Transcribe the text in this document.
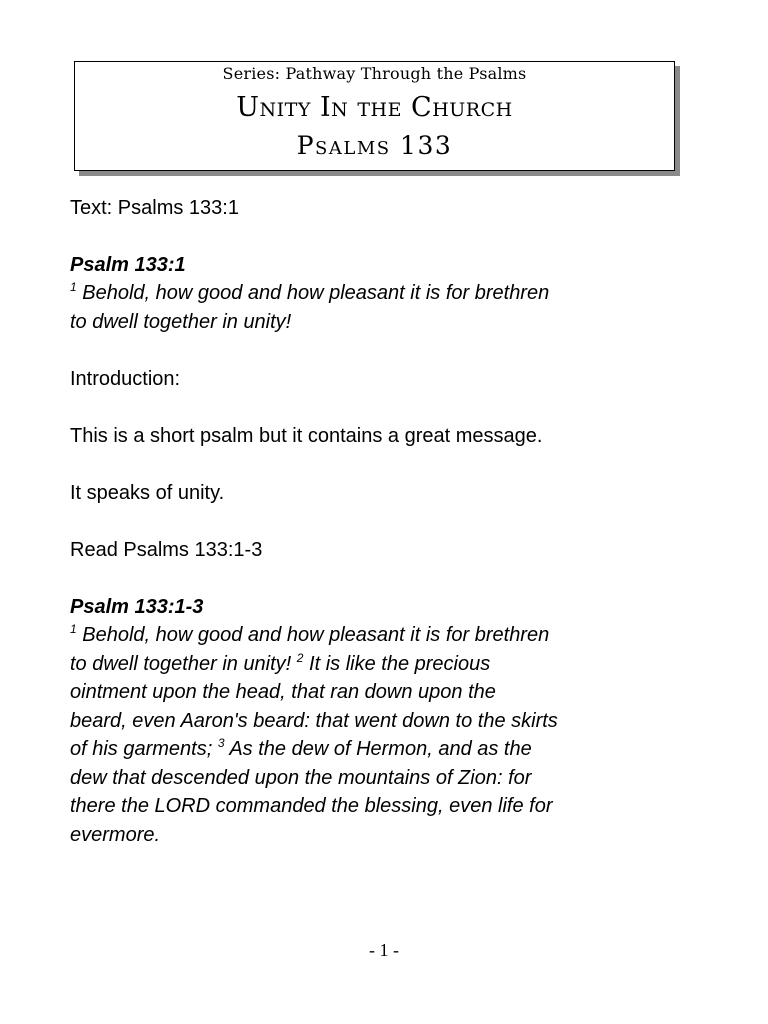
Series: Pathway Through the Psalms
Unity In the Church
Psalms 133
Text: Psalms 133:1
Psalm 133:1
$^1$ Behold, how good and how pleasant it is for brethren
to dwell together in unity!
Introduction:
This is a short psalm but it contains a great message.
It speaks of unity.
Read Psalms 133:1-3
Psalm 133:1-3
$^1$ Behold, how good and how pleasant it is for brethren
to dwell together in unity! $^2$ It is like the precious
ointment upon the head, that ran down upon the
beard, even Aaron's beard: that went down to the skirts
of his garments; $^3$ As the dew of Hermon, and as the
dew that descended upon the mountains of Zion: for
there the LORD commanded the blessing, even life for
evermore.
- 1 -
